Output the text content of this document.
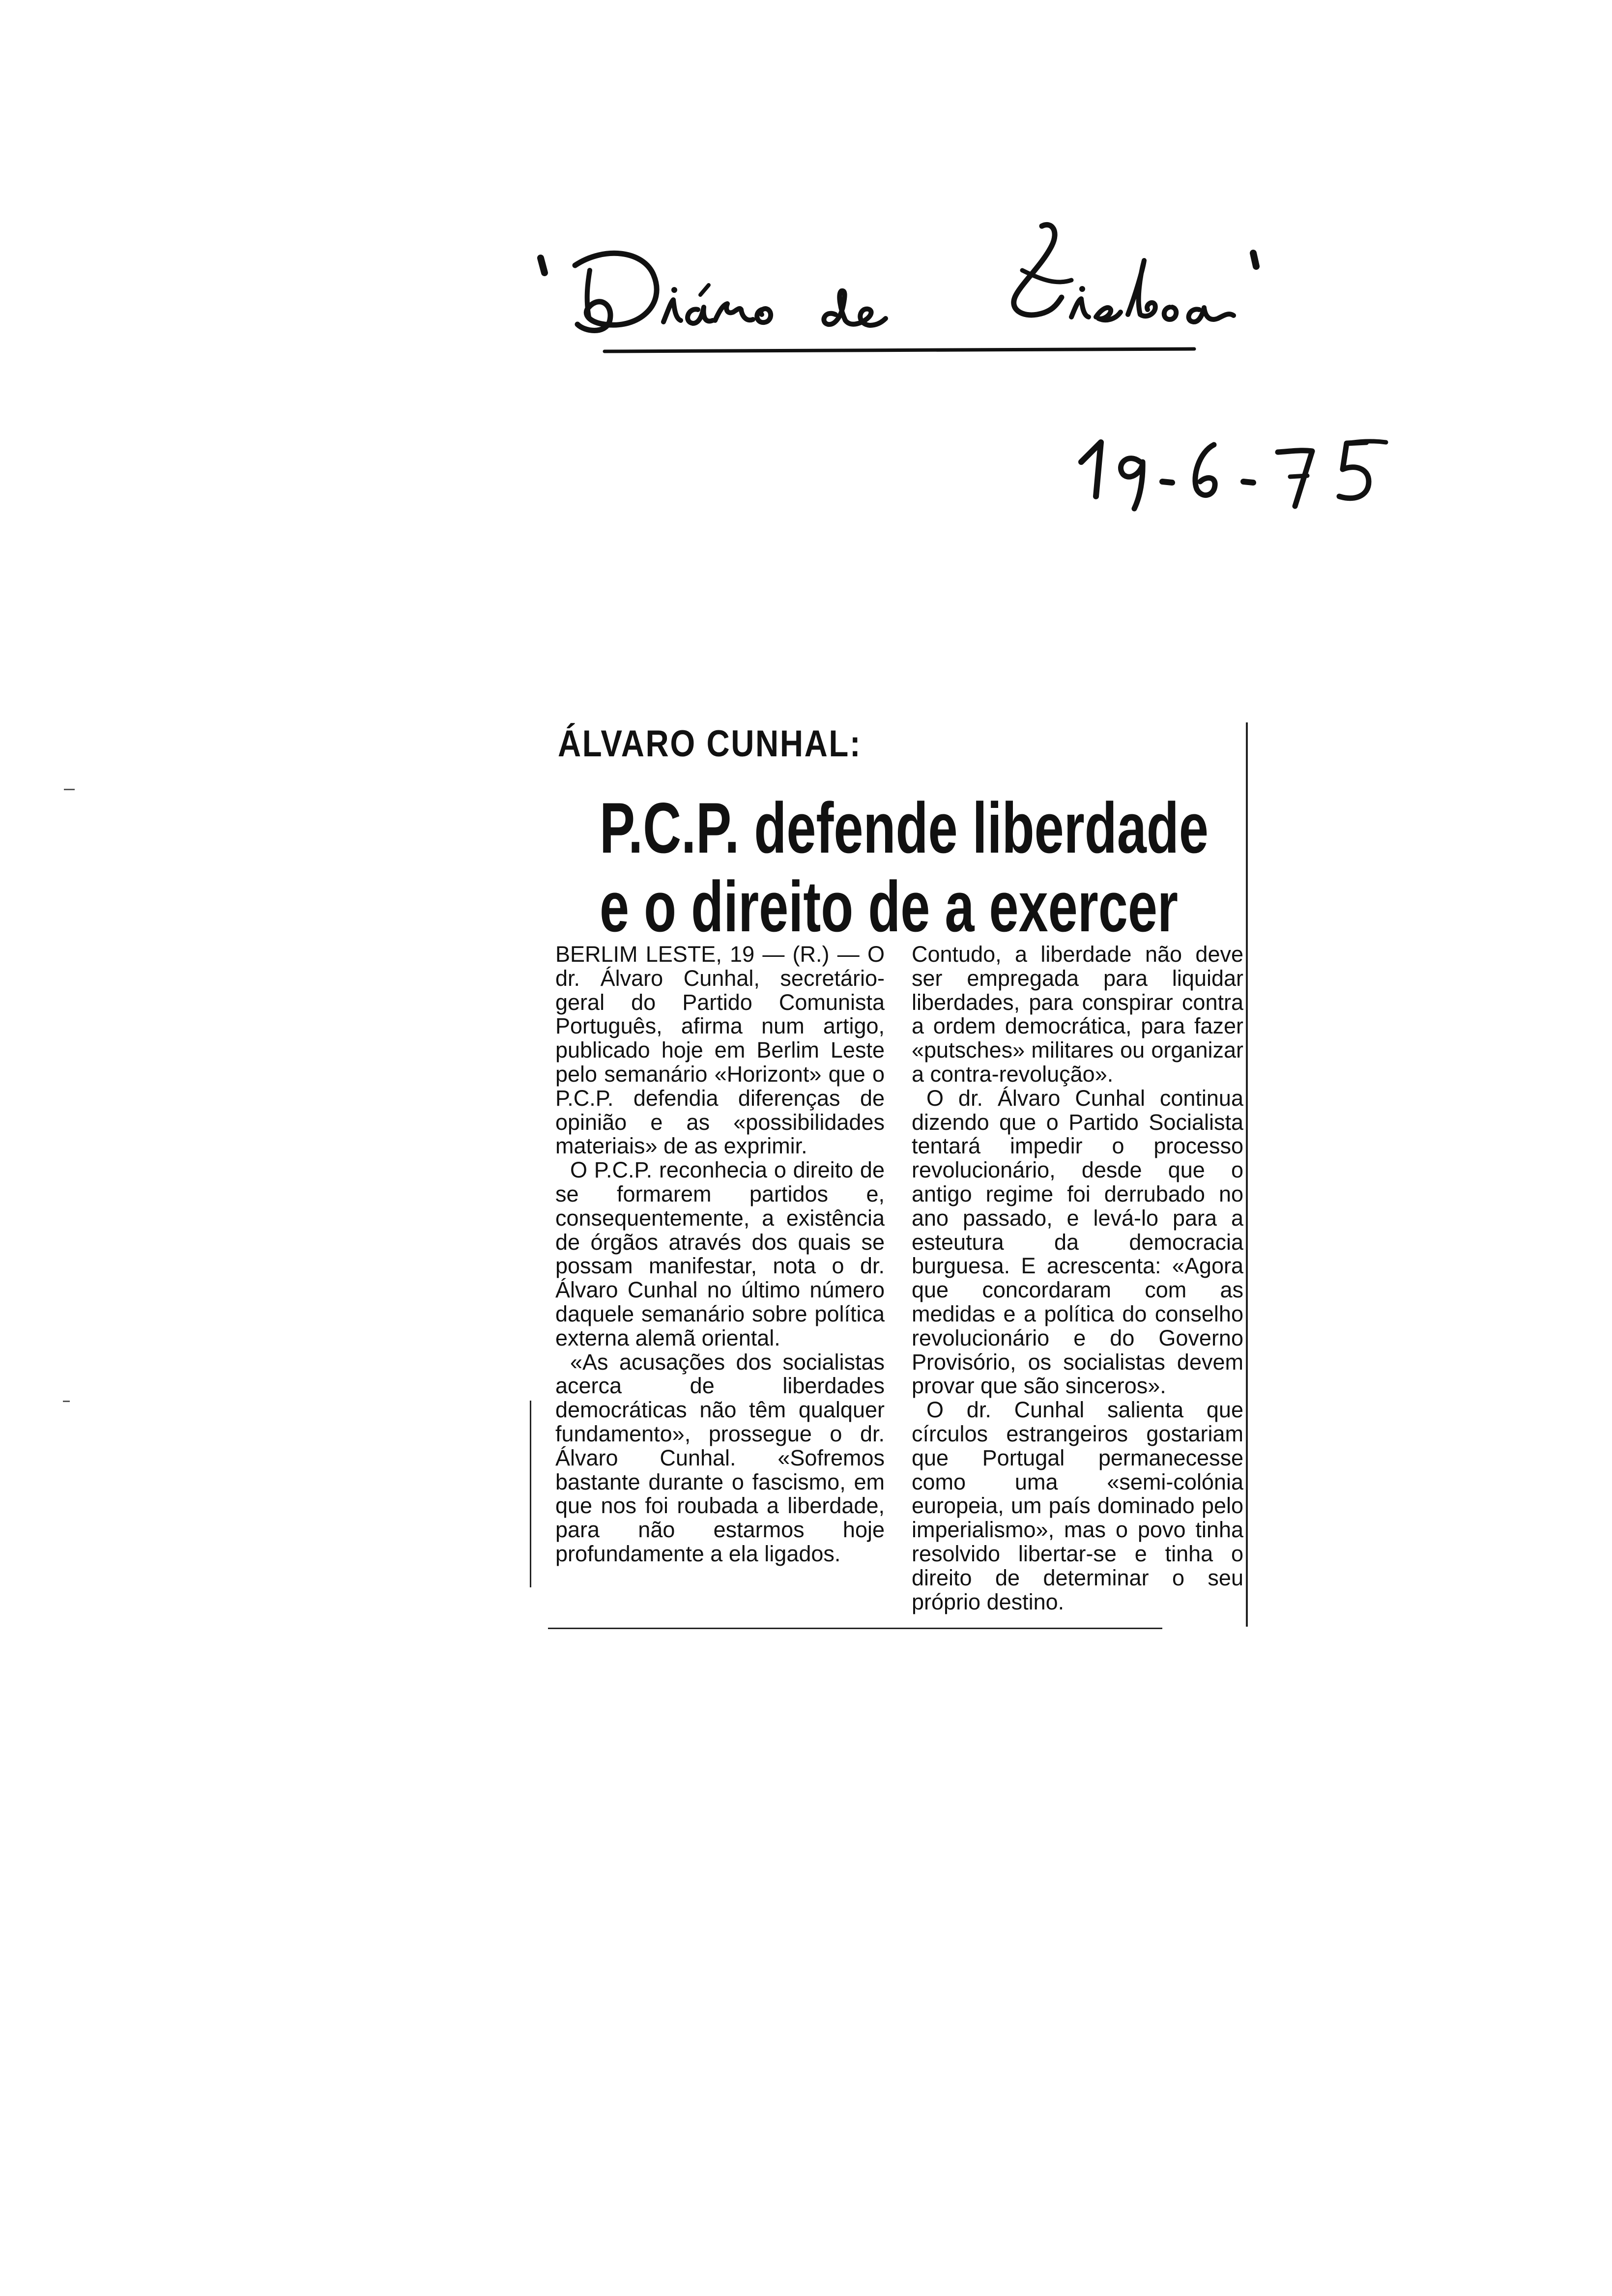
ÁLVARO CUNHAL:
P.C.P. defende liberdade
e o direito de a exercer

BERLIM LESTE, 19 — (R.) — O dr. Álvaro Cunhal, secretário-geral do Partido Comunista Português, afirma num artigo, publicado hoje em Berlim Leste pelo semanário «Horizont» que o P.C.P. defendia diferenças de opinião e as «possibilidades materiais» de as exprimir.

O P.C.P. reconhecia o direito de se formarem partidos e, consequentemente, a existência de órgãos através dos quais se possam manifestar, nota o dr. Álvaro Cunhal no último número daquele semanário sobre política externa alemã oriental.

«As acusações dos socialistas acerca de liberdades democráticas não têm qualquer fundamento», prossegue o dr. Álvaro Cunhal. «Sofremos bastante durante o fascismo, em que nos foi roubada a liberdade, para não estarmos hoje profundamente a ela ligados.

Contudo, a liberdade não deve ser empregada para liquidar liberdades, para conspirar contra a ordem democrática, para fazer «putsches» militares ou organizar a contra-revolução».

O dr. Álvaro Cunhal continua dizendo que o Partido Socialista tentará impedir o processo revolucionário, desde que o antigo regime foi derrubado no ano passado, e levá-lo para a esteutura da democracia burguesa. E acrescenta: «Agora que concordaram com as medidas e a política do conselho revolucionário e do Governo Provisório, os socialistas devem provar que são sinceros».

O dr. Cunhal salienta que círculos estrangeiros gostariam que Portugal permanecesse como uma «semi-colónia europeia, um país dominado pelo imperialismo», mas o povo tinha resolvido libertar-se e tinha o direito de determinar o seu próprio destino.
